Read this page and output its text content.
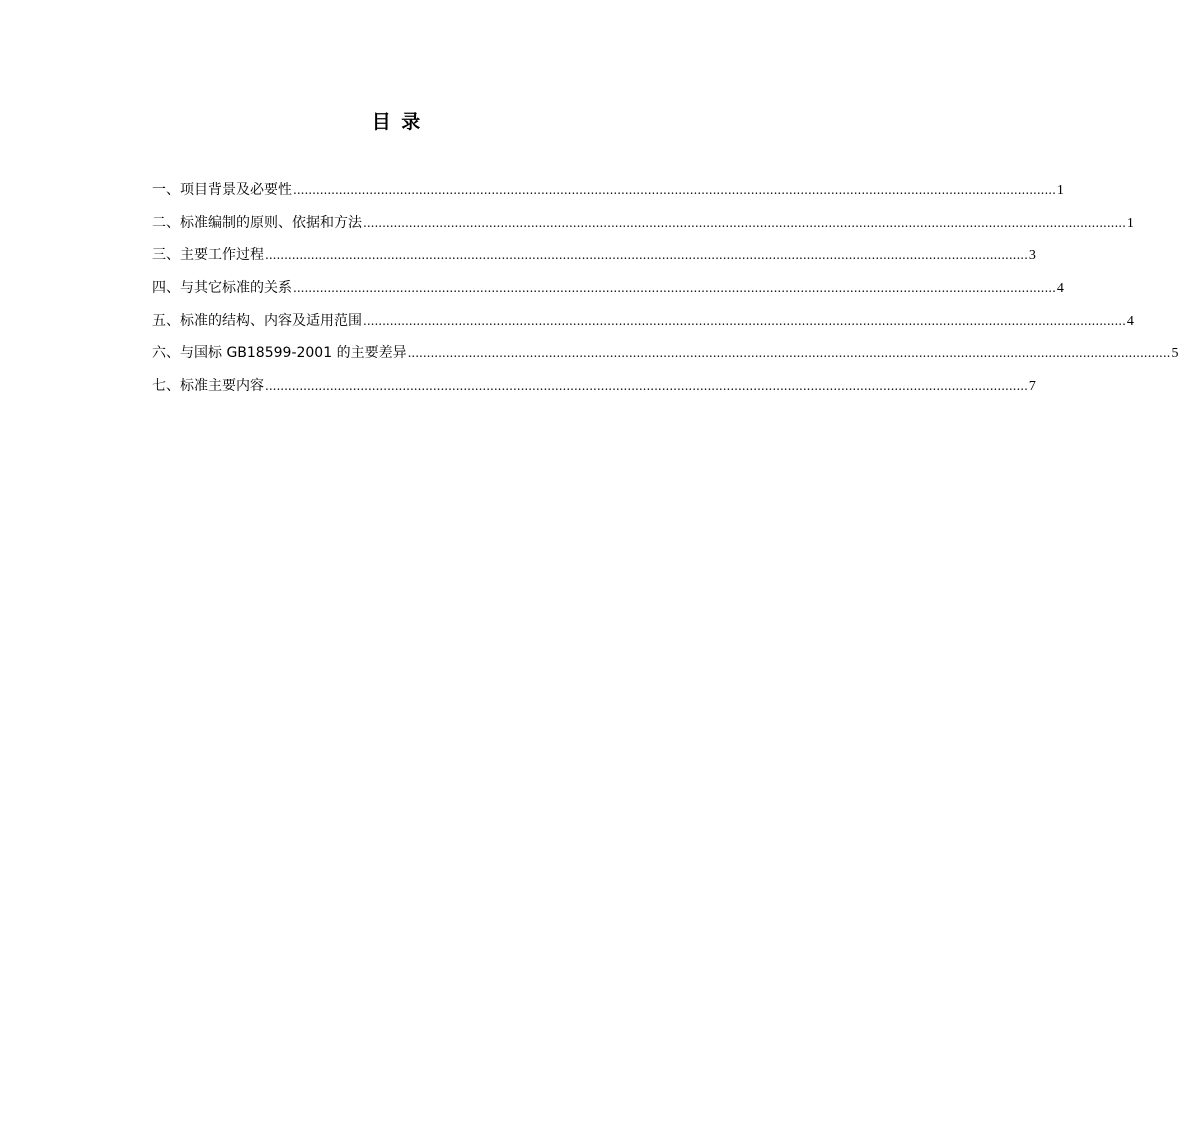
目 录
一、项目背景及必要性 ........................................................................................................................................................................................................ 1
二、标准编制的原则、依据和方法 ........................................................................................................................................................................................................ 1
三、主要工作过程 ........................................................................................................................................................................................................ 3
四、与其它标准的关系 ........................................................................................................................................................................................................ 4
五、标准的结构、内容及适用范围 ........................................................................................................................................................................................................ 4
六、与国标 GB18599-2001 的主要差异 ........................................................................................................................................................................................................ 5
七、标准主要内容 ........................................................................................................................................................................................................ 7
